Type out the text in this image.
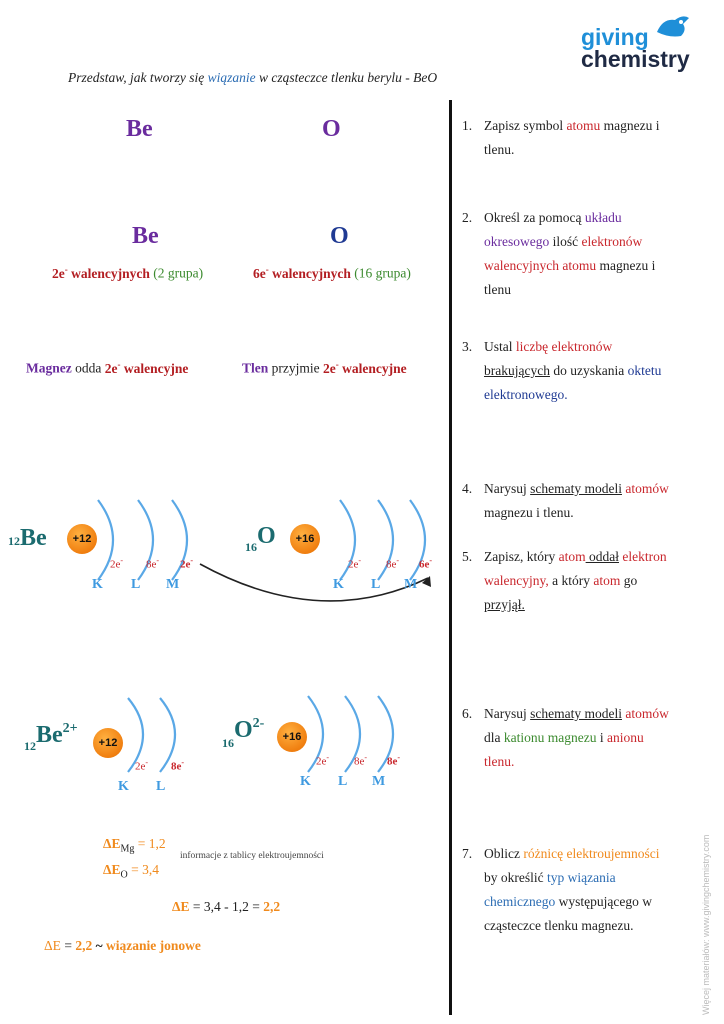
giving
chemistry
Przedstaw, jak tworzy się wiązanie w cząsteczce tlenku berylu - BeO
Be	O
Be	O
2e- walencyjnych (2 grupa)	6e- walencyjnych (16 grupa)
Magnez odda 2e- walencyjne	Tlen przyjmie 2e- walencyjne
12Be	+12
2e- 8e- 2e-
K L M
$_{16}$O	+16
2e- 8e- 6e-
K L M
$_{12}Be^{2+}$
+12
2e- 8e-
K L
$_{16}O^{2-}$
+16
2e- 8e- 8e-
K L M
$\Delta E_{Mg} = 1,2$
$\Delta E_O = 3,4$
informacje z tablicy elektroujemności
ΔE = 3,4 - 1,2 = 2,2
ΔE = 2,2 ~ wiązanie jonowe
1. Zapisz symbol atomu magnezu i
tlenu.
2. Określ za pomocą układu
okresowego ilość elektronów
walencyjnych atomu magnezu i
tlenu
3. Ustal liczbę elektronów
brakujących do uzyskania oktetu
elektronowego.
4. Narysuj schematy modeli atomów
magnezu i tlenu.
5. Zapisz, który atom oddał elektron
walencyjny, a który atom go
przyjął.
6. Narysuj schematy modeli atomów
dla kationu magnezu i anionu
tlenu.
7. Oblicz różnicę elektroujemności
by określić typ wiązania
chemicznego występującego w
cząsteczce tlenku magnezu.	Więcej materiałów: www.givingchemistry.com
